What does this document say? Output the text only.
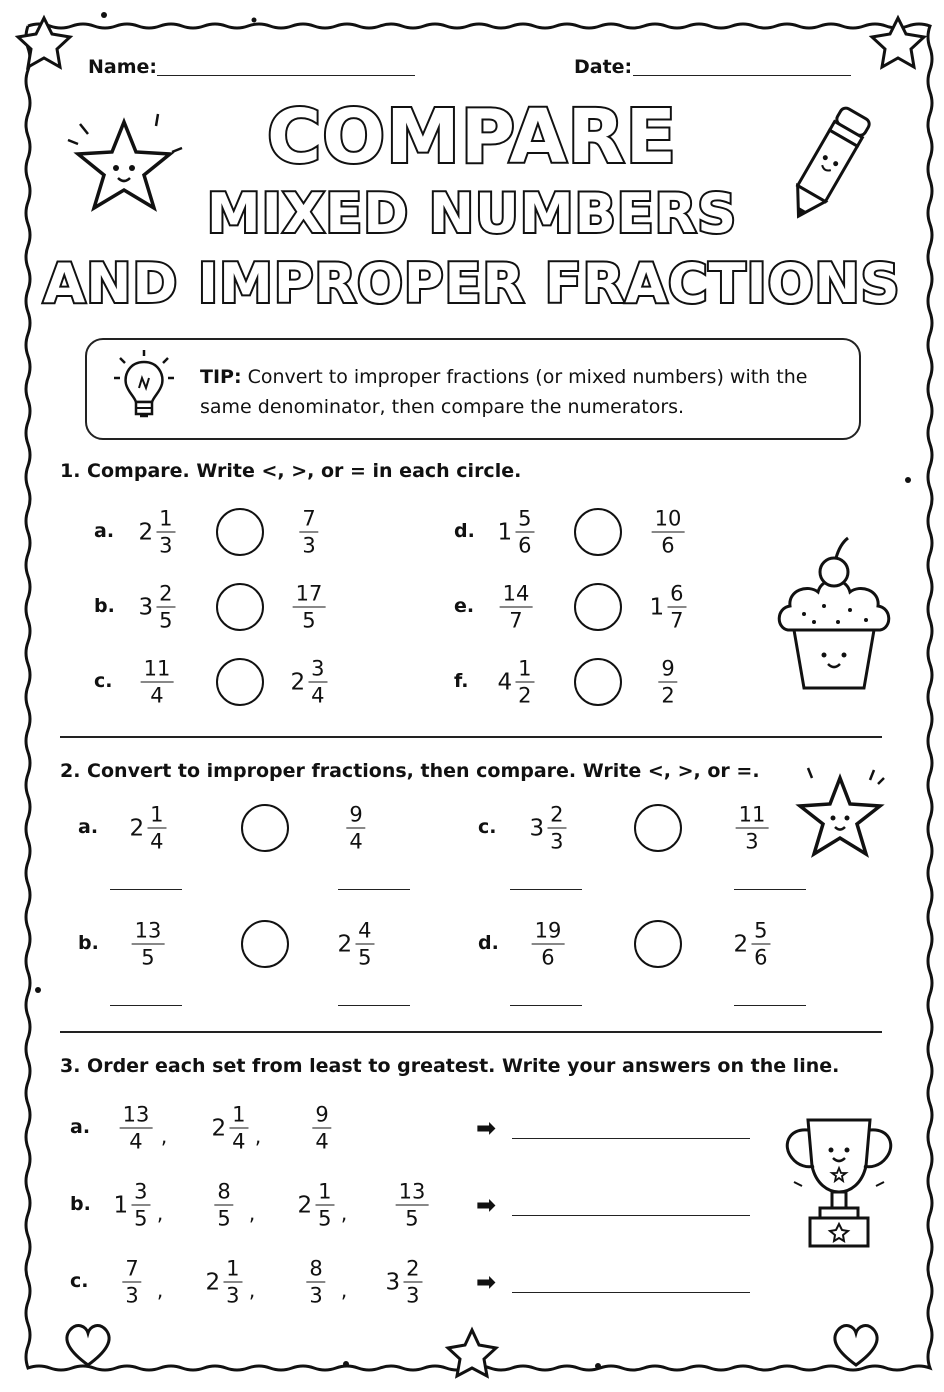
Name:	Date:
COMPARE
MIXED NUMBERS
AND IMPROPER FRACTIONS
TIP: Convert to improper fractions (or mixed numbers) with the same denominator, then compare the numerators.
1. Compare. Write <, >, or = in each circle.
a. $2 \frac{1}{3}$	$\frac{7}{3}$
b. $3 \frac{2}{5}$	$\frac{17}{5}$
c. $\frac{11}{4}$	$2 \frac{3}{4}$
d. $1 \frac{5}{6}$	$\frac{10}{6}$
e. $\frac{14}{7}$	$1 \frac{6}{7}$
f. $4 \frac{1}{2}$	$\frac{9}{2}$
2. Convert to improper fractions, then compare. Write <, >, or =.
a. $2 \frac{1}{4}$	$\frac{9}{4}$
b. $\frac{13}{5}$	$2 \frac{4}{5}$
c. $3 \frac{2}{3}$	$\frac{11}{3}$
d. $\frac{19}{6}$	$2 \frac{5}{6}$
3. Order each set from least to greatest. Write your answers on the line.
a. $\frac{13}{4}$ , $2 \frac{1}{4}$ , $\frac{9}{4}$	➡
b. $1 \frac{3}{5}$ , $\frac{8}{5}$ , $2 \frac{1}{5}$ , $\frac{13}{5}$ ➡
c. $\frac{7}{3}$ , $2 \frac{1}{3}$ , $\frac{8}{3}$ , $3 \frac{2}{3}$ ➡
